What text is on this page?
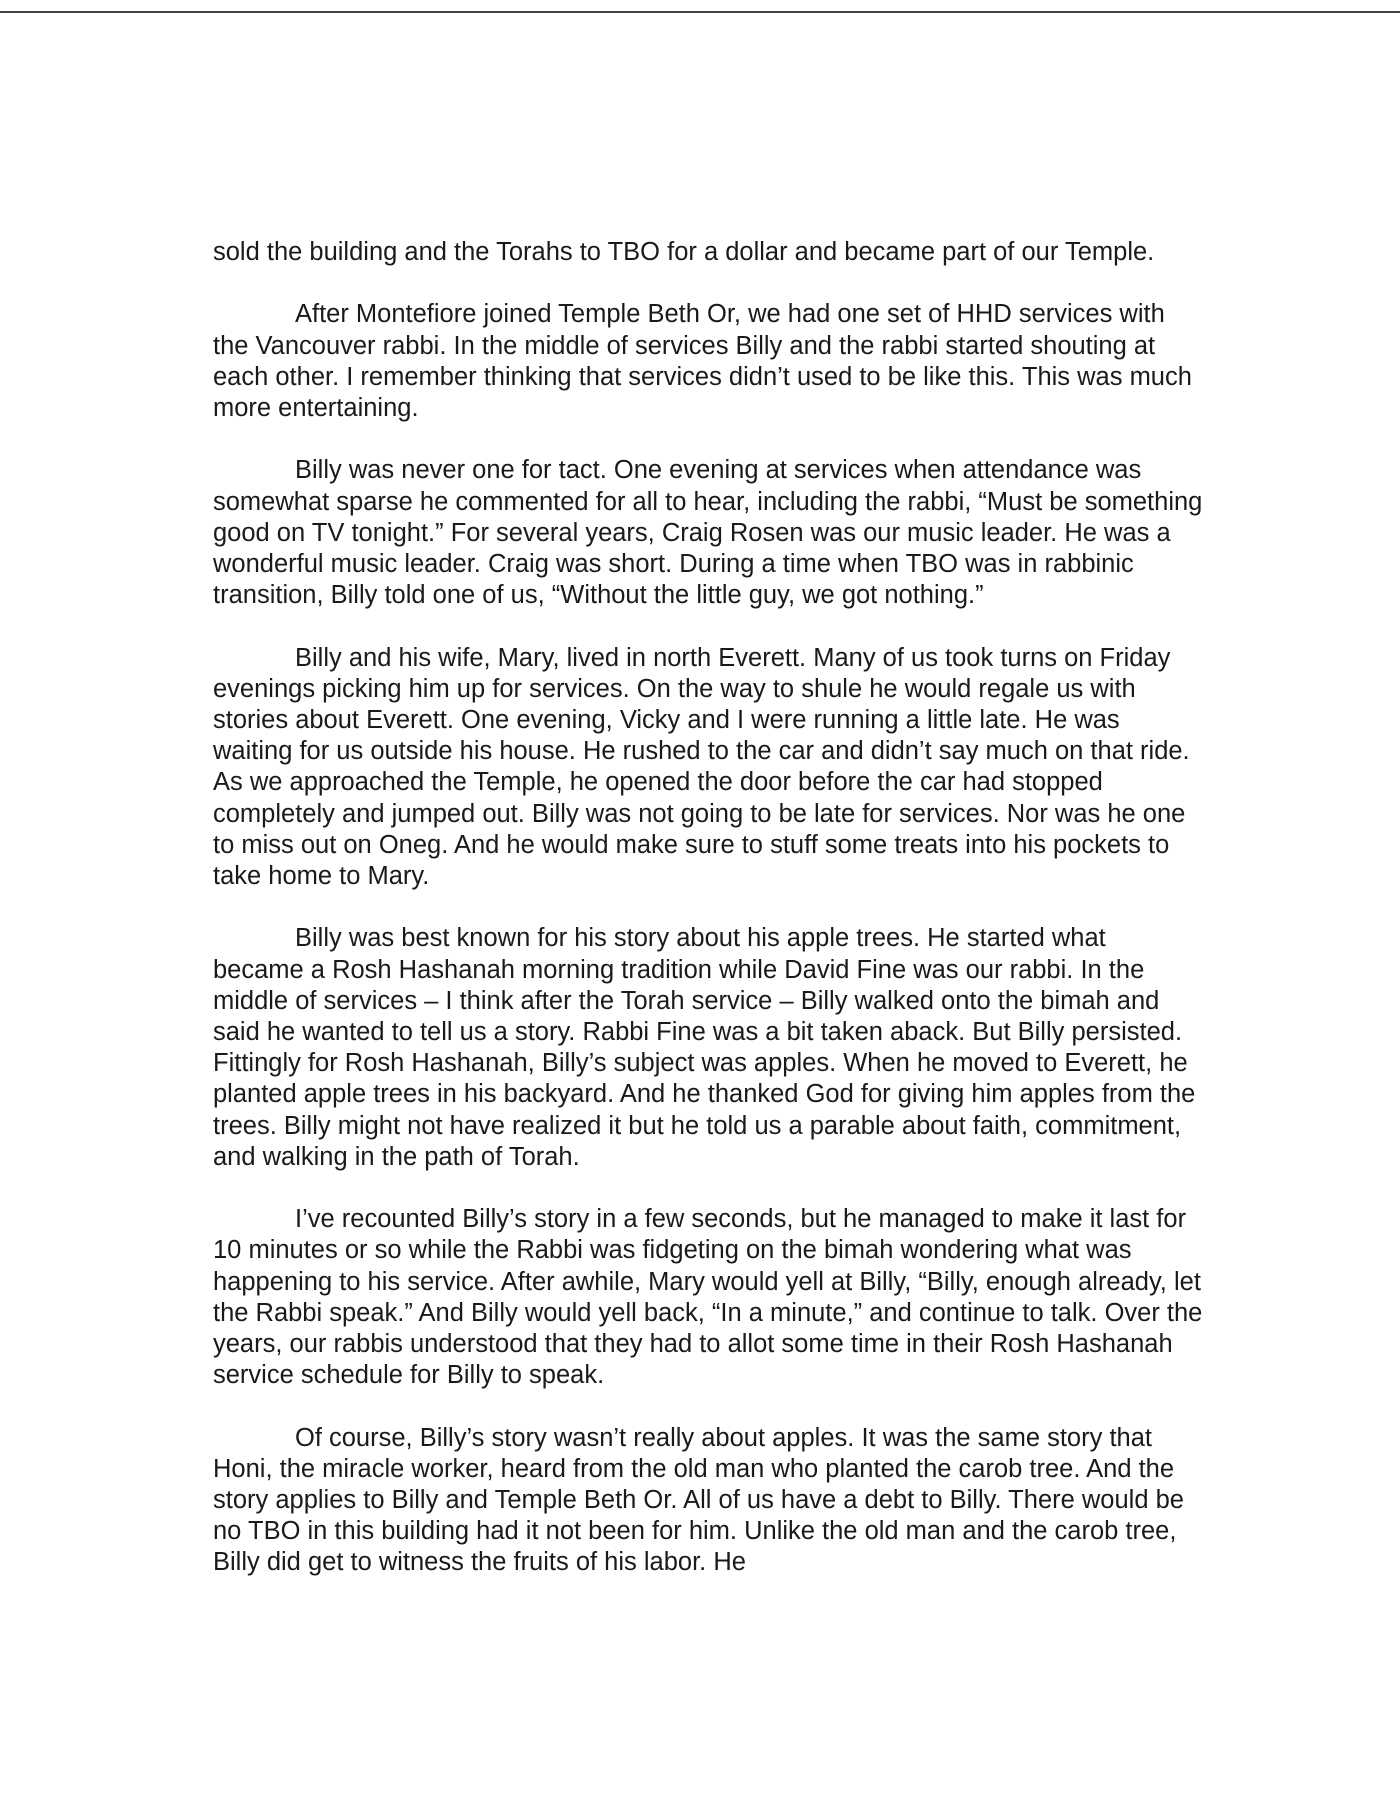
sold the building and the Torahs to TBO for a dollar and became part of our Temple.

After Montefiore joined Temple Beth Or, we had one set of HHD services with the Vancouver rabbi. In the middle of services Billy and the rabbi started shouting at each other. I remember thinking that services didn’t used to be like this. This was much more entertaining.

Billy was never one for tact. One evening at services when attendance was somewhat sparse he commented for all to hear, including the rabbi, “Must be something good on TV tonight.” For several years, Craig Rosen was our music leader. He was a wonderful music leader. Craig was short. During a time when TBO was in rabbinic transition, Billy told one of us, “Without the little guy, we got nothing.”

Billy and his wife, Mary, lived in north Everett. Many of us took turns on Friday evenings picking him up for services. On the way to shule he would regale us with stories about Everett. One evening, Vicky and I were running a little late. He was waiting for us outside his house. He rushed to the car and didn’t say much on that ride. As we approached the Temple, he opened the door before the car had stopped completely and jumped out. Billy was not going to be late for services. Nor was he one to miss out on Oneg. And he would make sure to stuff some treats into his pockets to take home to Mary.

Billy was best known for his story about his apple trees. He started what became a Rosh Hashanah morning tradition while David Fine was our rabbi. In the middle of services – I think after the Torah service – Billy walked onto the bimah and said he wanted to tell us a story. Rabbi Fine was a bit taken aback. But Billy persisted. Fittingly for Rosh Hashanah, Billy’s subject was apples. When he moved to Everett, he planted apple trees in his backyard. And he thanked God for giving him apples from the trees. Billy might not have realized it but he told us a parable about faith, commitment, and walking in the path of Torah.

I’ve recounted Billy’s story in a few seconds, but he managed to make it last for 10 minutes or so while the Rabbi was fidgeting on the bimah wondering what was happening to his service. After awhile, Mary would yell at Billy, “Billy, enough already, let the Rabbi speak.” And Billy would yell back, “In a minute,” and continue to talk. Over the years, our rabbis understood that they had to allot some time in their Rosh Hashanah service schedule for Billy to speak.

Of course, Billy’s story wasn’t really about apples. It was the same story that Honi, the miracle worker, heard from the old man who planted the carob tree. And the story applies to Billy and Temple Beth Or. All of us have a debt to Billy. There would be no TBO in this building had it not been for him. Unlike the old man and the carob tree, Billy did get to witness the fruits of his labor. He
